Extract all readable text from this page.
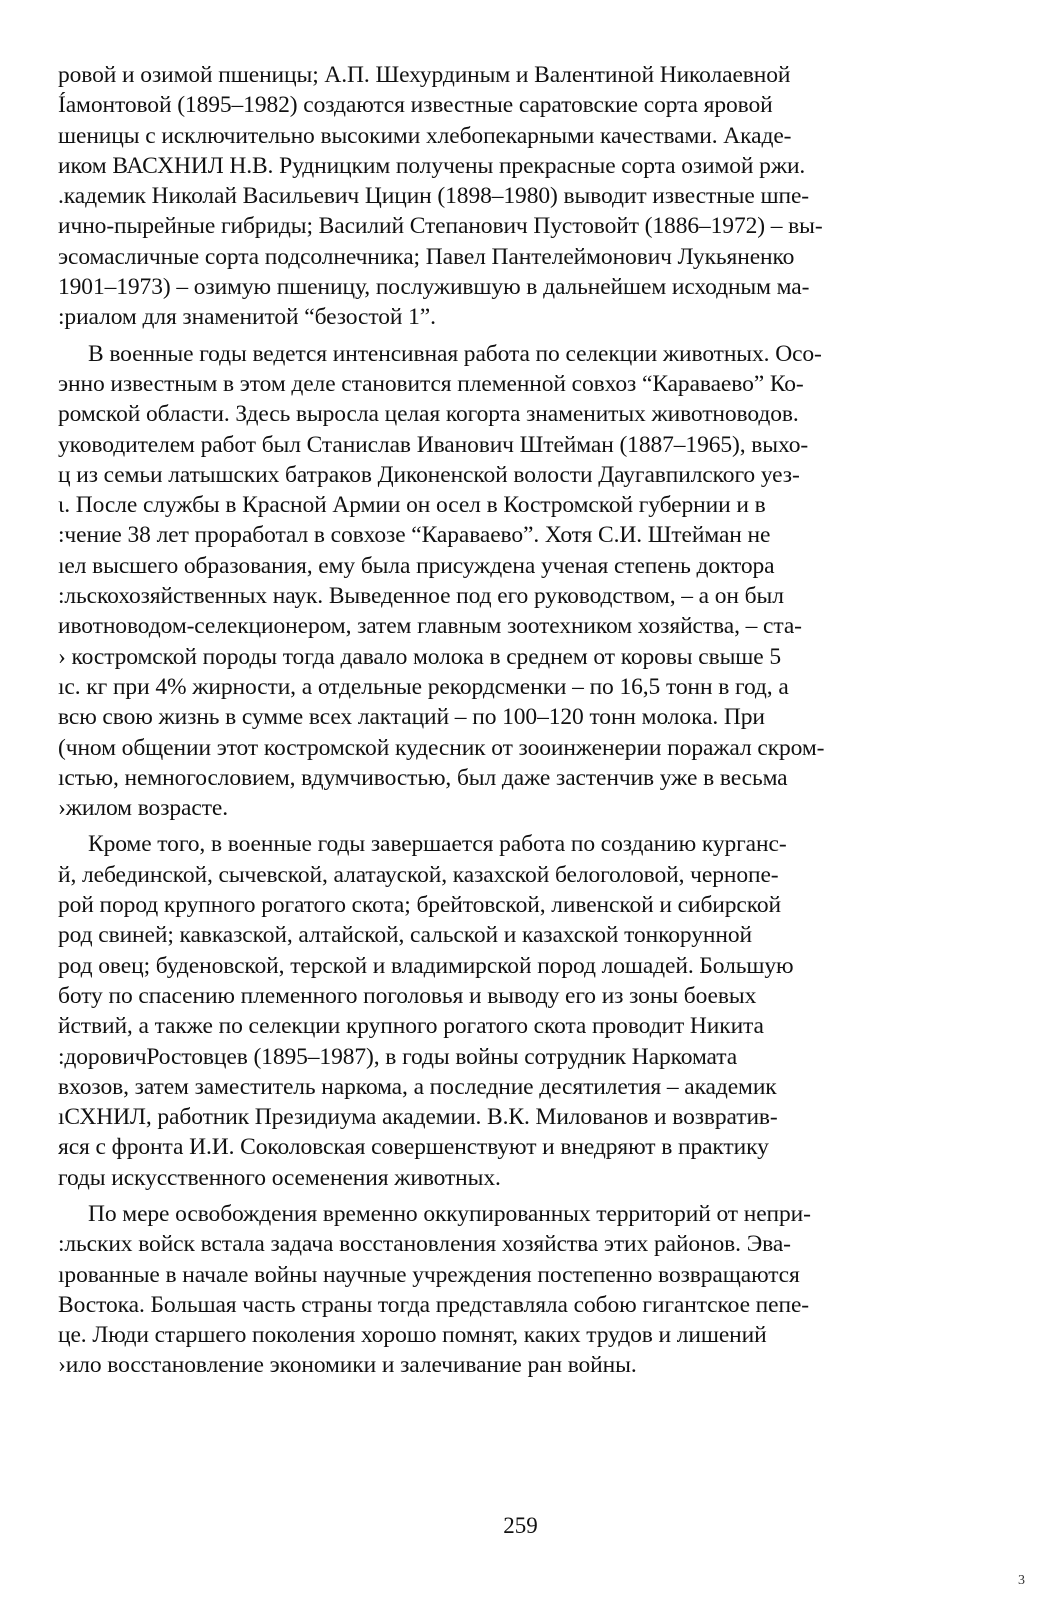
ровой и озимой пшеницы; А.П. Шехурдиным и Валентиной Николаевной
Íамонтовой (1895–1982) создаются известные саратовские сорта яровой
шеницы с исключительно высокими хлебопекарными качествами. Акаде-
иком ВАСХНИЛ Н.В. Рудницким получены прекрасные сорта озимой ржи.
.кадемик Николай Васильевич Цицин (1898–1980) выводит известные шпе-
ично-пырейные гибриды; Василий Степанович Пустовойт (1886–1972) – вы-
эсомасличные сорта подсолнечника; Павел Пантелеймонович Лукьяненко
1901–1973) – озимую пшеницу, послужившую в дальнейшем исходным ма-
:риалом для знаменитой “безостой 1”.
В военные годы ведется интенсивная работа по селекции животных. Осо-
энно известным в этом деле становится племенной совхоз “Караваево” Ко-
ромской области. Здесь выросла целая когорта знаменитых животноводов.
уководителем работ был Станислав Иванович Штейман (1887–1965), выхо-
ц из семьи латышских батраков Диконенской волости Даугавпилского уез-
ι. После службы в Красной Армии он осел в Костромской губернии и в
:чение 38 лет проработал в совхозе “Караваево”. Хотя С.И. Штейман не
ıел высшего образования, ему была присуждена ученая степень доктора
:льскохозяйственных наук. Выведенное под его руководством, – а он был
ивотноводом-селекционером, затем главным зоотехником хозяйства, – ста-
› костромской породы тогда давало молока в среднем от коровы свыше 5
ıс. кг при 4% жирности, а отдельные рекордсменки – по 16,5 тонн в год, а
всю свою жизнь в сумме всех лактаций – по 100–120 тонн молока. При
(чном общении этот костромской кудесник от зооинженерии поражал скром-
ıстью, немногословием, вдумчивостью, был даже застенчив уже в весьма
›жилом возрасте.
Кроме того, в военные годы завершается работа по созданию курганс-
й, лебединской, сычевской, алатауской, казахской белоголовой, чернопе-
рой пород крупного рогатого скота; брейтовской, ливенской и сибирской
род свиней; кавказской, алтайской, сальской и казахской тонкорунной
род овец; буденовской, терской и владимирской пород лошадей. Большую
боту по спасению племенного поголовья и выводу его из зоны боевых
йствий, а также по селекции крупного рогатого скота проводит Никита
:доровичРостовцев (1895–1987), в годы войны сотрудник Наркомата
вхозов, затем заместитель наркома, а последние десятилетия – академик
ıСХНИЛ, работник Президиума академии. В.К. Милованов и возвратив-
яся с фронта И.И. Соколовская совершенствуют и внедряют в практику
годы искусственного осеменения животных.
По мере освобождения временно оккупированных территорий от непри-
:льских войск встала задача восстановления хозяйства этих районов. Эва-
ıрованные в начале войны научные учреждения постепенно возвращаются
Востока. Большая часть страны тогда представляла собою гигантское пепе-
це. Люди старшего поколения хорошо помнят, каких трудов и лишений
›ило восстановление экономики и залечивание ран войны.
259
3
